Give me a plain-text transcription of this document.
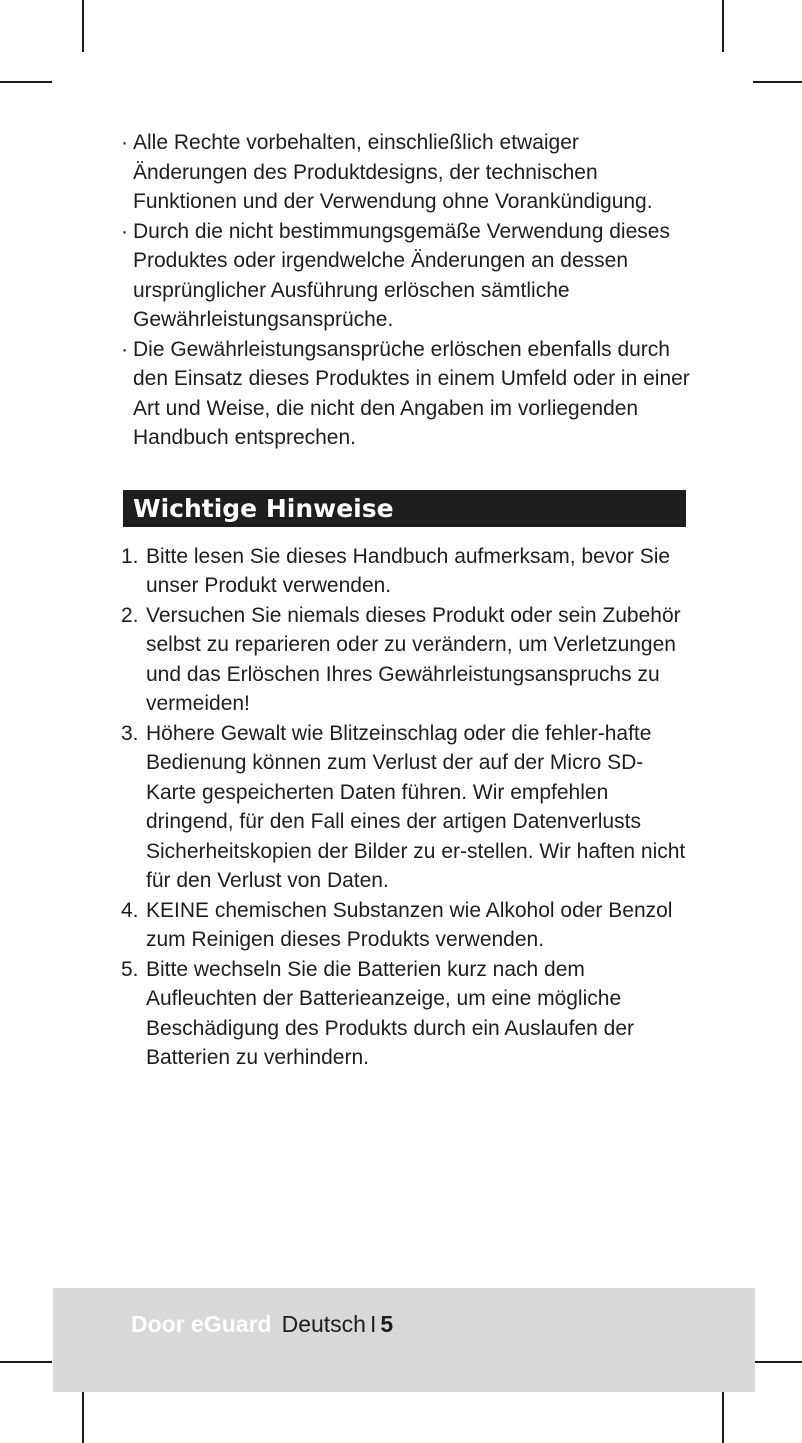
· Alle Rechte vorbehalten, einschließlich etwaiger Änderungen des Produktdesigns, der technischen Funktionen und der Verwendung ohne Vorankündigung.
· Durch die nicht bestimmungsgemäße Verwendung dieses Produktes oder irgendwelche Änderungen an dessen ursprünglicher Ausführung erlöschen sämtliche Gewährleistungsansprüche.
· Die Gewährleistungsansprüche erlöschen ebenfalls durch den Einsatz dieses Produktes in einem Umfeld oder in einer Art und Weise, die nicht den Angaben im vorliegenden Handbuch entsprechen.
Wichtige Hinweise
1. Bitte lesen Sie dieses Handbuch aufmerksam, bevor Sie unser Produkt verwenden.
2. Versuchen Sie niemals dieses Produkt oder sein Zubehör selbst zu reparieren oder zu verändern, um Verletzungen und das Erlöschen Ihres Gewährleistungsanspruchs zu vermeiden!
3. Höhere Gewalt wie Blitzeinschlag oder die fehler-hafte Bedienung können zum Verlust der auf der Micro SD-Karte gespeicherten Daten führen. Wir empfehlen dringend, für den Fall eines der artigen Datenverlusts Sicherheitskopien der Bilder zu er-stellen. Wir haften nicht für den Verlust von Daten.
4. KEINE chemischen Substanzen wie Alkohol oder Benzol zum Reinigen dieses Produkts verwenden.
5. Bitte wechseln Sie die Batterien kurz nach dem Aufleuchten der Batterieanzeige, um eine mögliche Beschädigung des Produkts durch ein Auslaufen der Batterien zu verhindern.
Door eGuard Deutsch I 5
